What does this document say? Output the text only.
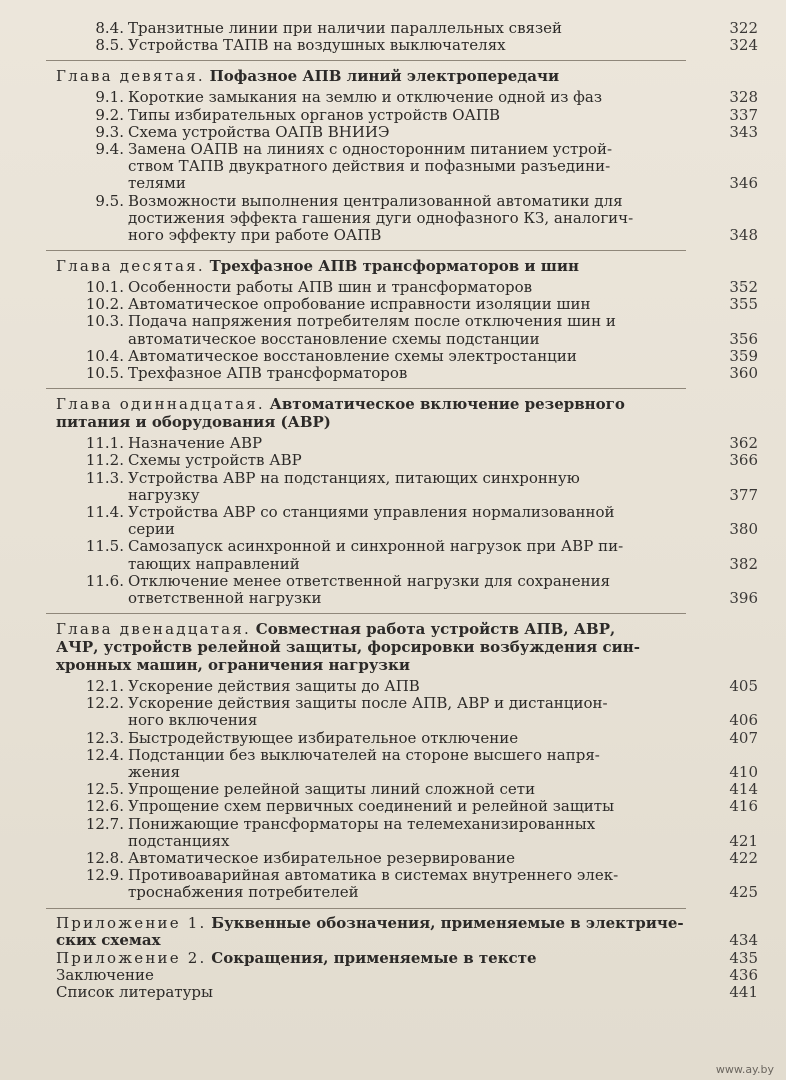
8.4. Транзитные линии при наличии параллельных связей	322
8.5. Устройства ТАПВ на воздушных выключателях	324
Глава девятая. Пофазное АПВ линий электропередачи
9.1. Короткие замыкания на землю и отключение одной из фаз	328
9.2. Типы избирательных органов устройств ОАПВ	337
9.3. Схема устройства ОАПВ ВНИИЭ	343
9.4. Замена ОАПВ на линиях с односторонним питанием устрой-
ством ТАПВ двукратного действия и пофазными разъедини-
телями	346
9.5. Возможности выполнения централизованной автоматики для
достижения эффекта гашения дуги однофазного КЗ, аналогич-
ного эффекту при работе ОАПВ	348
Глава десятая. Трехфазное АПВ трансформаторов и шин
10.1. Особенности работы АПВ шин и трансформаторов	352
10.2. Автоматическое опробование исправности изоляции шин	355
10.3. Подача напряжения потребителям после отключения шин и
автоматическое восстановление схемы подстанции	356
10.4. Автоматическое восстановление схемы электростанции	359
10.5. Трехфазное АПВ трансформаторов	360
Глава одиннадцатая. Автоматическое включение резервного
питания и оборудования (АВР)
11.1. Назначение АВР	362
11.2. Схемы устройств АВР	366
11.3. Устройства АВР на подстанциях, питающих синхронную
нагрузку	377
11.4. Устройства АВР со станциями управления нормализованной
серии	380
11.5. Самозапуск асинхронной и синхронной нагрузок при АВР пи-
тающих направлений	382
11.6. Отключение менее ответственной нагрузки для сохранения
ответственной нагрузки	396
Глава двенадцатая. Совместная работа устройств АПВ, АВР,
АЧР, устройств релейной защиты, форсировки возбуждения син-
хронных машин, ограничения нагрузки
12.1. Ускорение действия защиты до АПВ	405
12.2. Ускорение действия защиты после АПВ, АВР и дистанцион-
ного включения	406
12.3. Быстродействующее избирательное отключение	407
12.4. Подстанции без выключателей на стороне высшего напря-
жения	410
12.5. Упрощение релейной защиты линий сложной сети	414
12.6. Упрощение схем первичных соединений и релейной защиты	416
12.7. Понижающие трансформаторы на телемеханизированных
подстанциях	421
12.8. Автоматическое избирательное резервирование	422
12.9. Противоаварийная автоматика в системах внутреннего элек-
троснабжения потребителей	425
Приложение 1. Буквенные обозначения, применяемые в электриче-
ских схемах	434
Приложение 2. Сокращения, применяемые в тексте	435
Заключение	436
Список литературы	441
www.ay.by
